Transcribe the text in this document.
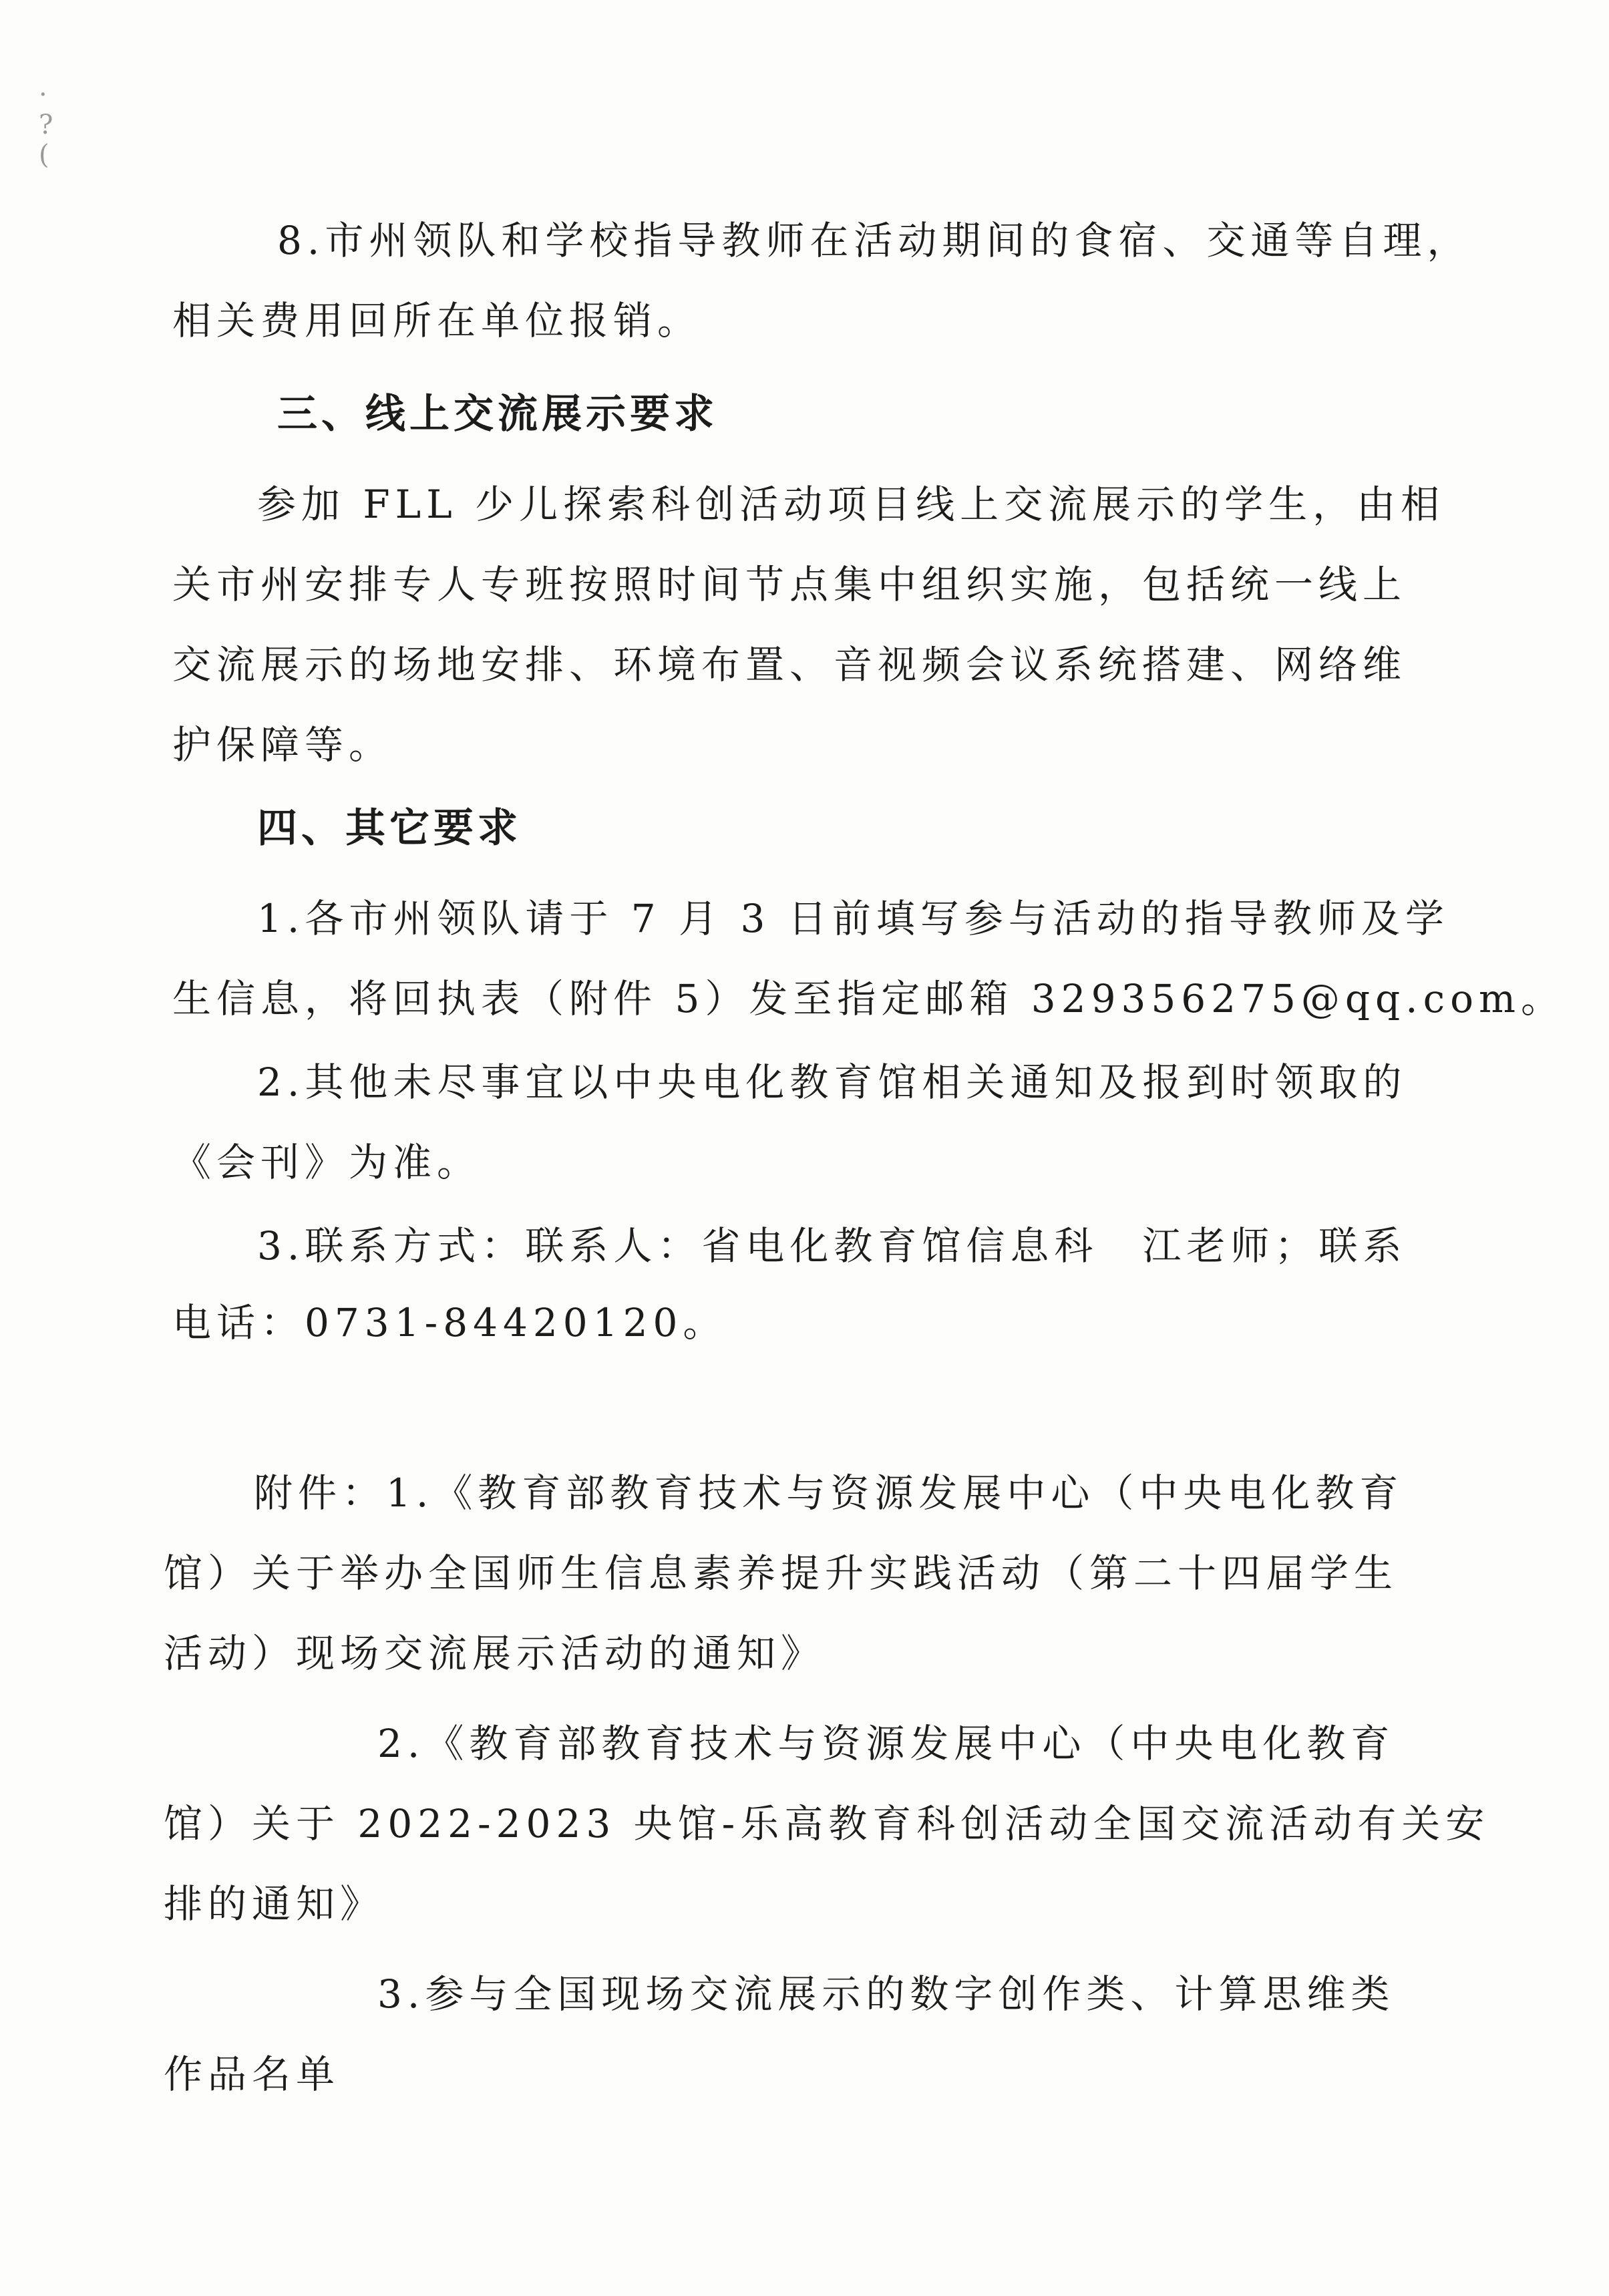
·
?
(

8.市州领队和学校指导教师在活动期间的食宿、交通等自理，

相关费用回所在单位报销。

三、线上交流展示要求

参加 FLL 少儿探索科创活动项目线上交流展示的学生，由相

关市州安排专人专班按照时间节点集中组织实施，包括统一线上

交流展示的场地安排、环境布置、音视频会议系统搭建、网络维

护保障等。

四、其它要求

1.各市州领队请于 7 月 3 日前填写参与活动的指导教师及学

生信息，将回执表（附件 5）发至指定邮箱 329356275@qq.com。

2.其他未尽事宜以中央电化教育馆相关通知及报到时领取的

《会刊》为准。

3.联系方式：联系人：省电化教育馆信息科　江老师；联系

电话：0731-84420120。

附件：1.《教育部教育技术与资源发展中心（中央电化教育

馆）关于举办全国师生信息素养提升实践活动（第二十四届学生

活动）现场交流展示活动的通知》

2.《教育部教育技术与资源发展中心（中央电化教育

馆）关于 2022-2023 央馆-乐高教育科创活动全国交流活动有关安

排的通知》

3.参与全国现场交流展示的数字创作类、计算思维类

作品名单
